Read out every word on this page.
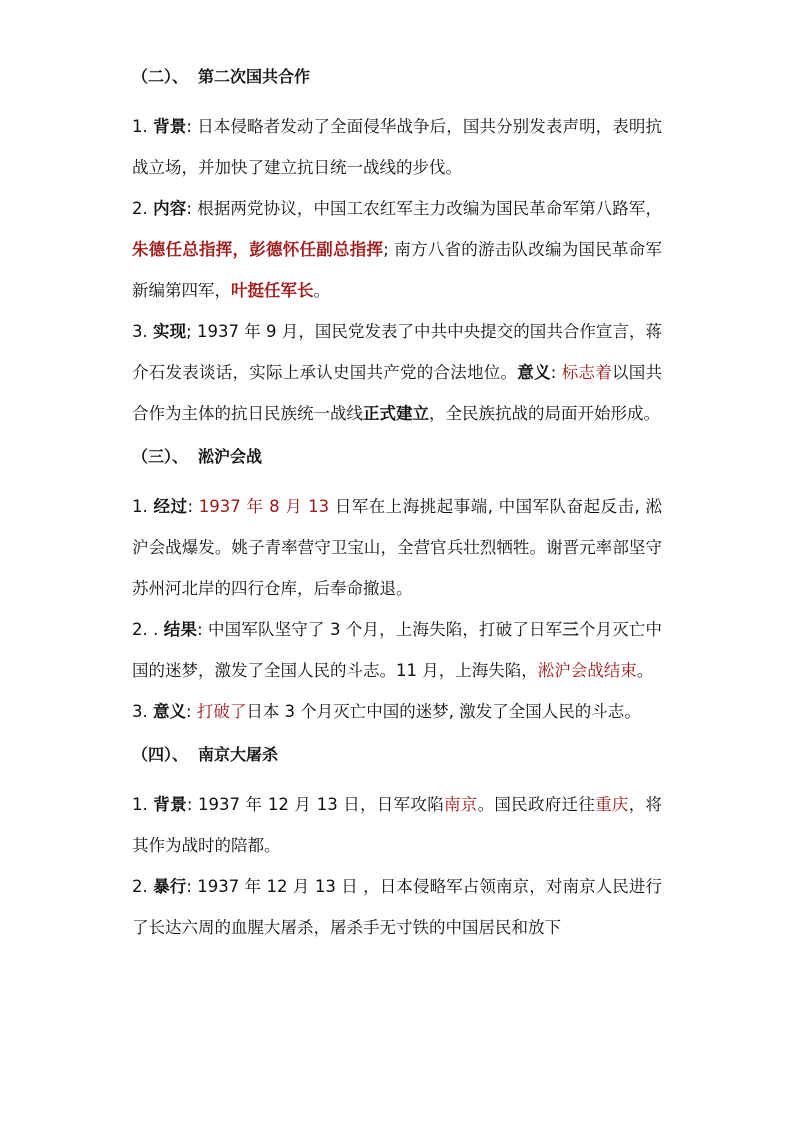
（二）、 第二次国共合作

1. 背景: 日本侵略者发动了全面侵华战争后，国共分别发表声明，表明抗战立场，并加快了建立抗日统一战线的步伐。

2. 内容: 根据两党协议，中国工农红军主力改编为国民革命军第八路军，朱德任总指挥，彭德怀任副总指挥; 南方八省的游击队改编为国民革命军新编第四军，叶挺任军长。

3. 实现; 1937 年 9 月，国民党发表了中共中央提交的国共合作宣言，蒋介石发表谈话，实际上承认史国共产党的合法地位。意义: 标志着以国共合作为主体的抗日民族统一战线正式建立，全民族抗战的局面开始形成。

（三）、 淞沪会战

1. 经过: 1937 年 8 月 13 日军在上海挑起事端, 中国军队奋起反击, 淞沪会战爆发。姚子青率营守卫宝山，全营官兵壮烈牺牲。谢晋元率部坚守苏州河北岸的四行仓库，后奉命撤退。

2. . 结果: 中国军队坚守了 3 个月，上海失陷，打破了日军三个月灭亡中国的迷梦，激发了全国人民的斗志。11 月，上海失陷，淞沪会战结束。

3. 意义: 打破了日本 3 个月灭亡中国的迷梦, 激发了全国人民的斗志。

（四）、 南京大屠杀

1. 背景: 1937 年 12 月 13 日，日军攻陷南京。国民政府迁往重庆，将其作为战时的陪都。

2. 暴行: 1937 年 12 月 13 日 ，日本侵略军占领南京，对南京人民进行了长达六周的血腥大屠杀，屠杀手无寸铁的中国居民和放下
